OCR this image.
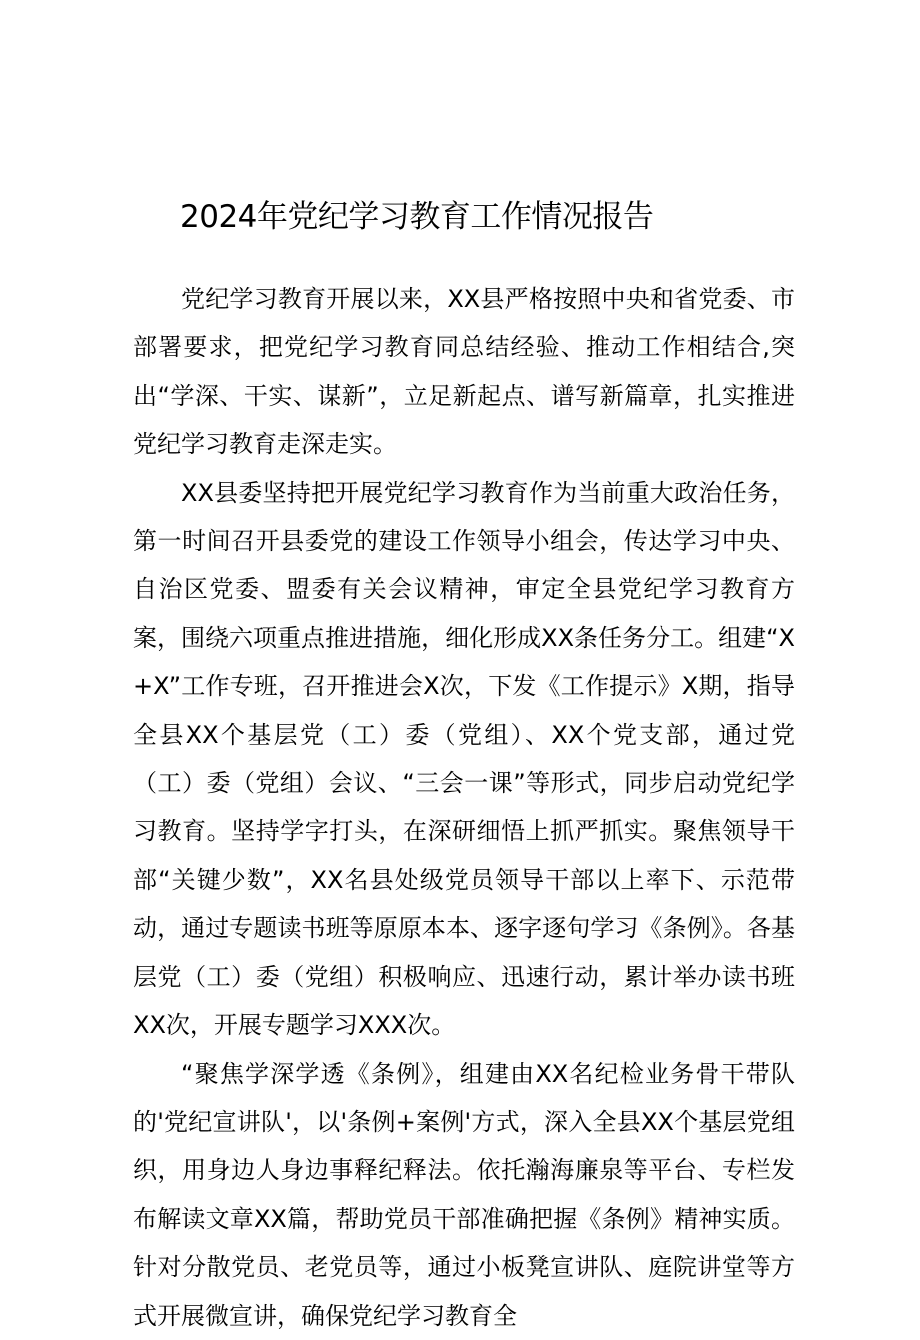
2024年党纪学习教育工作情况报告

党纪学习教育开展以来，XX县严格按照中央和省党委、市部署要求，把党纪学习教育同总结经验、推动工作相结合,突出“学深、干实、谋新”，立足新起点、谱写新篇章，扎实推进党纪学习教育走深走实。

XX县委坚持把开展党纪学习教育作为当前重大政治任务，第一时间召开县委党的建设工作领导小组会，传达学习中央、自治区党委、盟委有关会议精神，审定全县党纪学习教育方案，围绕六项重点推进措施，细化形成XX条任务分工。组建“X+X”工作专班，召开推进会X次，下发《工作提示》X期，指导全县XX个基层党（工）委（党组）、XX个党支部，通过党（工）委（党组）会议、“三会一课”等形式，同步启动党纪学习教育。坚持学字打头，在深研细悟上抓严抓实。聚焦领导干部“关键少数”，XX名县处级党员领导干部以上率下、示范带动，通过专题读书班等原原本本、逐字逐句学习《条例》。各基层党（工）委（党组）积极响应、迅速行动，累计举办读书班XX次，开展专题学习XXX次。

“聚焦学深学透《条例》，组建由XX名纪检业务骨干带队的'党纪宣讲队'，以'条例+案例'方式，深入全县XX个基层党组织，用身边人身边事释纪释法。依托瀚海廉泉等平台、专栏发布解读文章XX篇，帮助党员干部准确把握《条例》精神实质。针对分散党员、老党员等，通过小板凳宣讲队、庭院讲堂等方式开展微宣讲，确保党纪学习教育全
